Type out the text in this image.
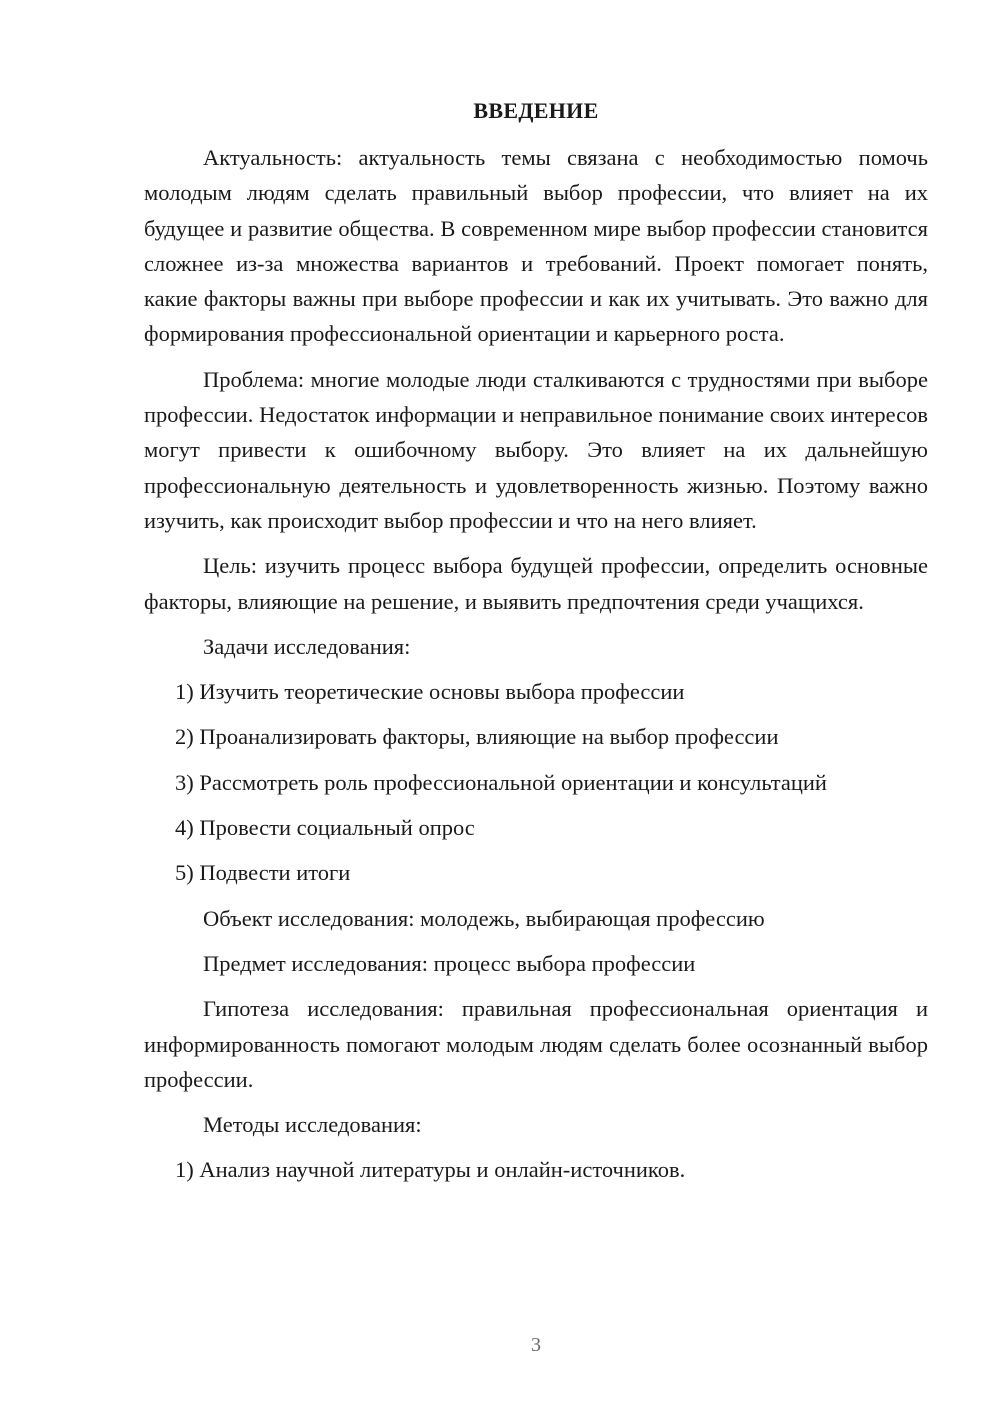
ВВЕДЕНИЕ

Актуальность: актуальность темы связана с необходимостью помочь молодым людям сделать правильный выбор профессии, что влияет на их будущее и развитие общества. В современном мире выбор профессии становится сложнее из-за множества вариантов и требований. Проект помогает понять, какие факторы важны при выборе профессии и как их учитывать. Это важно для формирования профессиональной ориентации и карьерного роста.

Проблема: многие молодые люди сталкиваются с трудностями при выборе профессии. Недостаток информации и неправильное понимание своих интересов могут привести к ошибочному выбору. Это влияет на их дальнейшую профессиональную деятельность и удовлетворенность жизнью. Поэтому важно изучить, как происходит выбор профессии и что на него влияет.

Цель: изучить процесс выбора будущей профессии, определить основные факторы, влияющие на решение, и выявить предпочтения среди учащихся.

Задачи исследования:
1) Изучить теоретические основы выбора профессии
2) Проанализировать факторы, влияющие на выбор профессии
3) Рассмотреть роль профессиональной ориентации и консультаций
4) Провести социальный опрос
5) Подвести итоги
Объект исследования: молодежь, выбирающая профессию
Предмет исследования: процесс выбора профессии

Гипотеза исследования: правильная профессиональная ориентация и информированность помогают молодым людям сделать более осознанный выбор профессии.

Методы исследования:
1) Анализ научной литературы и онлайн-источников.
3
